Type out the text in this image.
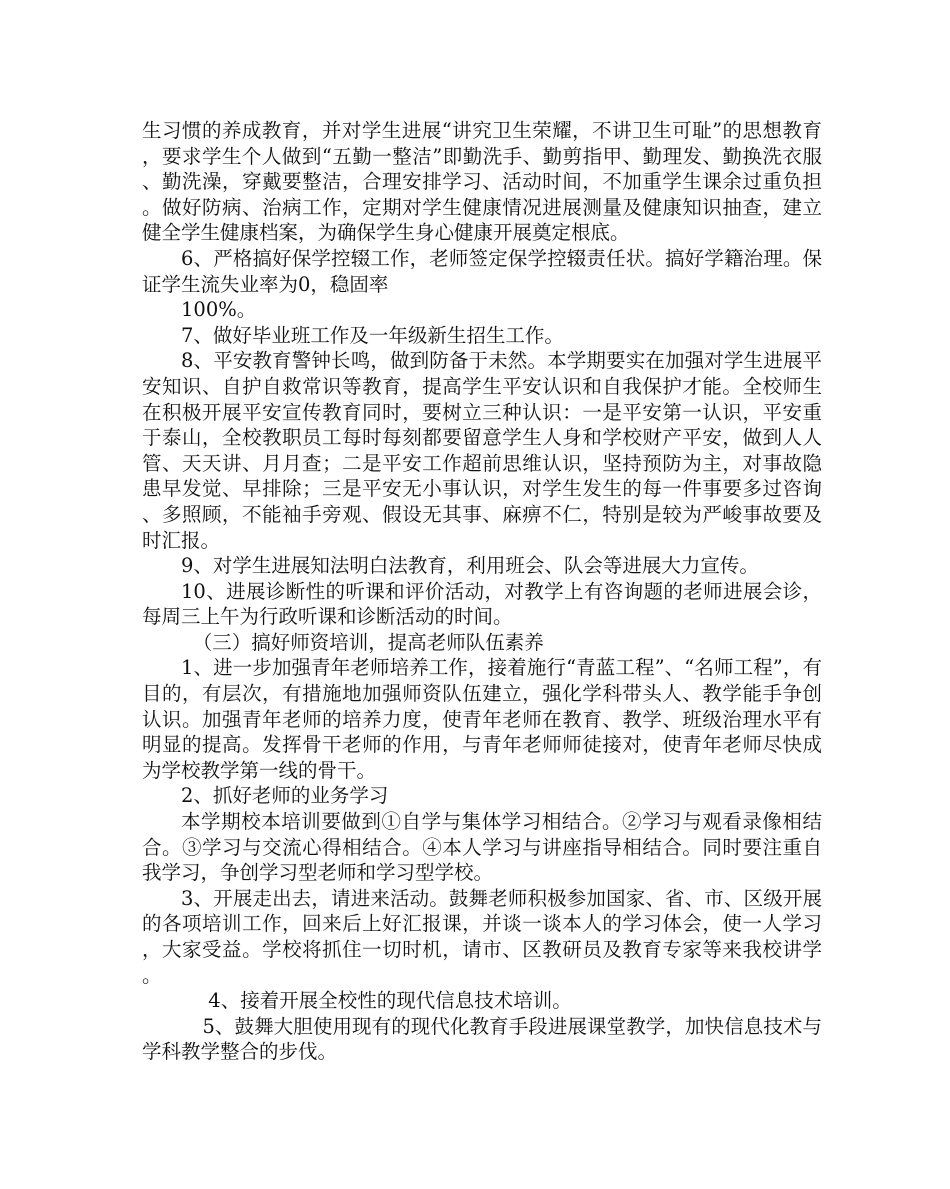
生习惯的养成教育，并对学生进展“讲究卫生荣耀，不讲卫生可耻”的思想教育，要求学生个人做到“五勤一整洁”即勤洗手、勤剪指甲、勤理发、勤换洗衣服、勤洗澡，穿戴要整洁，合理安排学习、活动时间，不加重学生课余过重负担。做好防病、治病工作，定期对学生健康情况进展测量及健康知识抽查，建立健全学生健康档案，为确保学生身心健康开展奠定根底。

6、严格搞好保学控辍工作，老师签定保学控辍责任状。搞好学籍治理。保证学生流失业率为0，稳固率

100%。

7、做好毕业班工作及一年级新生招生工作。

8、平安教育警钟长鸣，做到防备于未然。本学期要实在加强对学生进展平安知识、自护自救常识等教育，提高学生平安认识和自我保护才能。全校师生在积极开展平安宣传教育同时，要树立三种认识：一是平安第一认识，平安重于泰山，全校教职员工每时每刻都要留意学生人身和学校财产平安，做到人人管、天天讲、月月查；二是平安工作超前思维认识，坚持预防为主，对事故隐患早发觉、早排除；三是平安无小事认识，对学生发生的每一件事要多过咨询、多照顾，不能袖手旁观、假设无其事、麻痹不仁，特别是较为严峻事故要及时汇报。

9、对学生进展知法明白法教育，利用班会、队会等进展大力宣传。

10、进展诊断性的听课和评价活动，对教学上有咨询题的老师进展会诊，每周三上午为行政听课和诊断活动的时间。

（三）搞好师资培训，提高老师队伍素养

1、进一步加强青年老师培养工作，接着施行“青蓝工程”、“名师工程”，有目的，有层次，有措施地加强师资队伍建立，强化学科带头人、教学能手争创认识。加强青年老师的培养力度，使青年老师在教育、教学、班级治理水平有明显的提高。发挥骨干老师的作用，与青年老师师徒接对，使青年老师尽快成为学校教学第一线的骨干。

2、抓好老师的业务学习

本学期校本培训要做到①自学与集体学习相结合。②学习与观看录像相结合。③学习与交流心得相结合。④本人学习与讲座指导相结合。同时要注重自我学习，争创学习型老师和学习型学校。

3、开展走出去，请进来活动。鼓舞老师积极参加国家、省、市、区级开展的各项培训工作，回来后上好汇报课，并谈一谈本人的学习体会，使一人学习，大家受益。学校将抓住一切时机，请市、区教研员及教育专家等来我校讲学。

4、接着开展全校性的现代信息技术培训。

5、鼓舞大胆使用现有的现代化教育手段进展课堂教学，加快信息技术与学科教学整合的步伐。
